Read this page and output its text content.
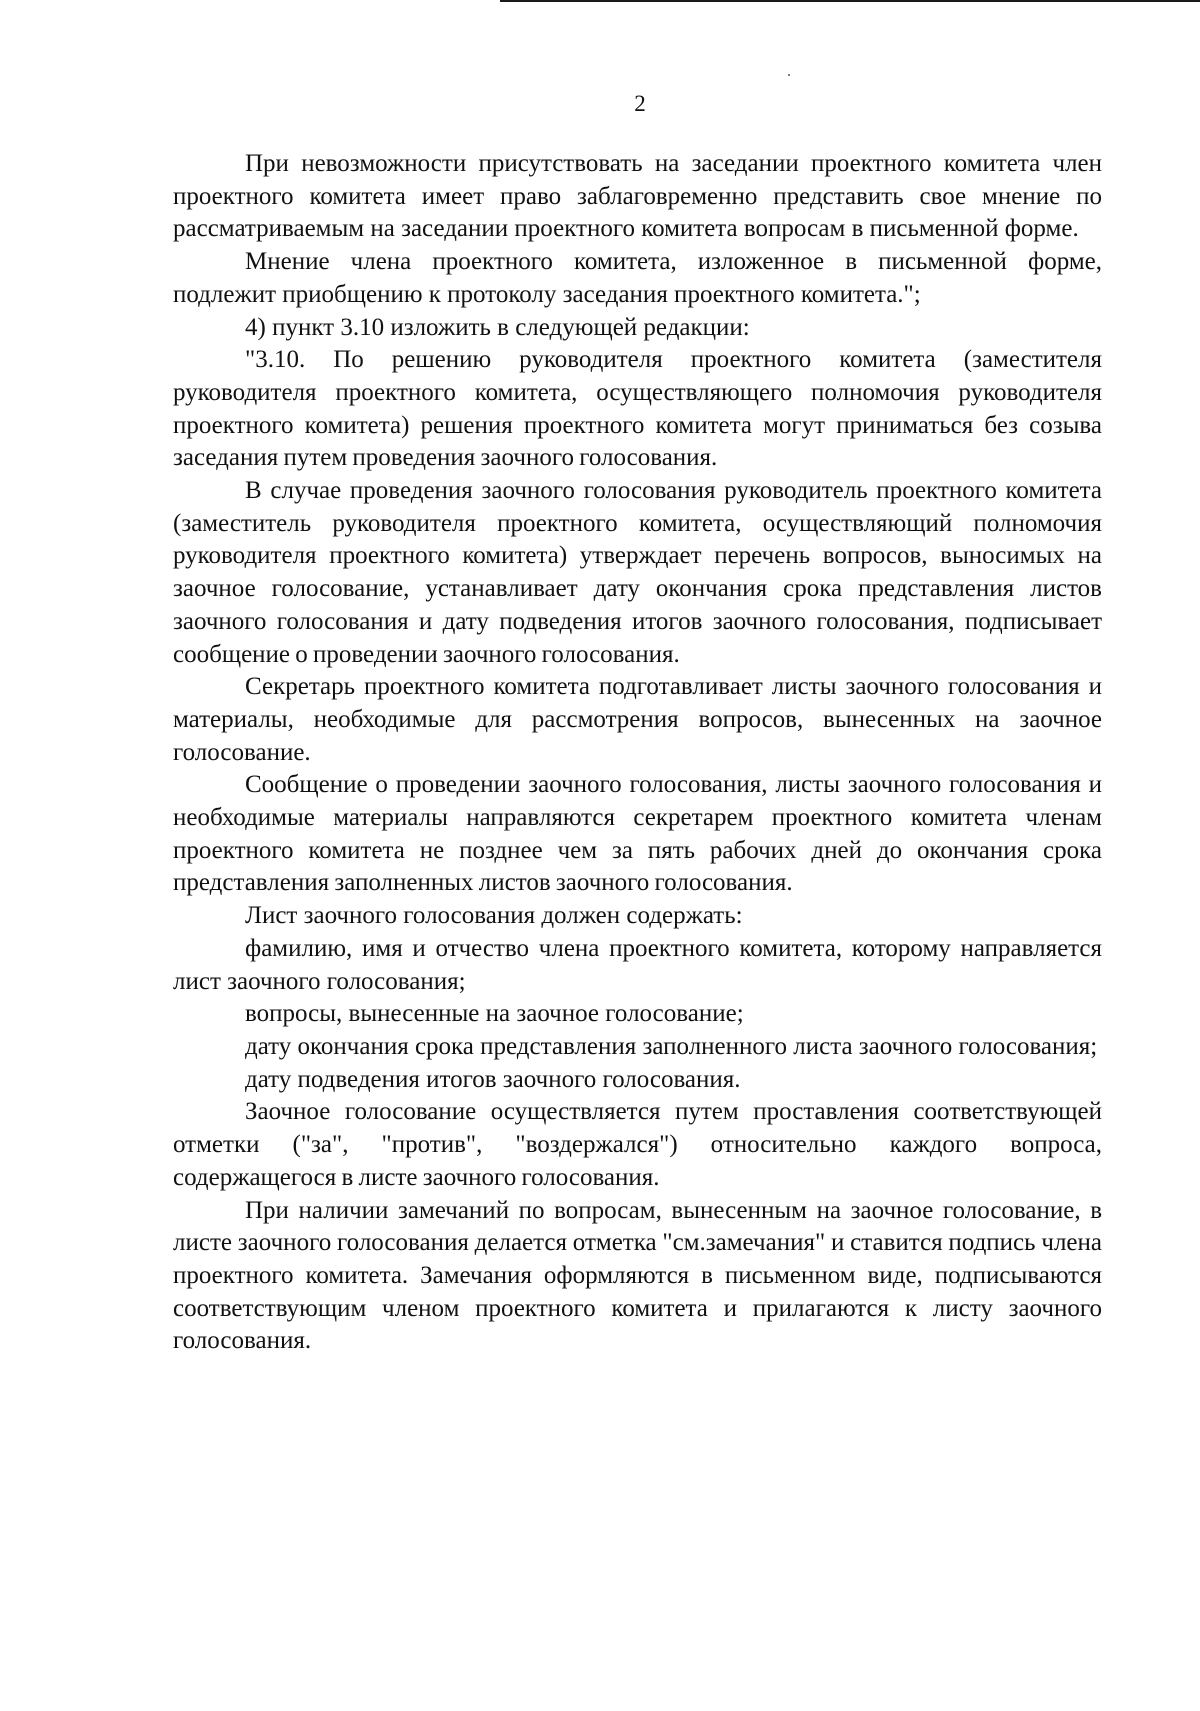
2

При невозможности присутствовать на заседании проектного комитета член проектного комитета имеет право заблаговременно представить свое мнение по рассматриваемым на заседании проектного комитета вопросам в письменной форме.

Мнение члена проектного комитета, изложенное в письменной форме, подлежит приобщению к протоколу заседания проектного комитета.";

4) пункт 3.10 изложить в следующей редакции:

"3.10. По решению руководителя проектного комитета (заместителя руководителя проектного комитета, осуществляющего полномочия руководителя проектного комитета) решения проектного комитета могут приниматься без созыва заседания путем проведения заочного голосования.

В случае проведения заочного голосования руководитель проектного комитета (заместитель руководителя проектного комитета, осуществляющий полномочия руководителя проектного комитета) утверждает перечень вопросов, выносимых на заочное голосование, устанавливает дату окончания срока представления листов заочного голосования и дату подведения итогов заочного голосования, подписывает сообщение о проведении заочного голосования.

Секретарь проектного комитета подготавливает листы заочного голосования и материалы, необходимые для рассмотрения вопросов, вынесенных на заочное голосование.

Сообщение о проведении заочного голосования, листы заочного голосования и необходимые материалы направляются секретарем проектного комитета членам проектного комитета не позднее чем за пять рабочих дней до окончания срока представления заполненных листов заочного голосования.

Лист заочного голосования должен содержать:

фамилию, имя и отчество члена проектного комитета, которому направляется лист заочного голосования;

вопросы, вынесенные на заочное голосование;

дату окончания срока представления заполненного листа заочного голосования;

дату подведения итогов заочного голосования.

Заочное голосование осуществляется путем проставления соответствующей отметки ("за", "против", "воздержался") относительно каждого вопроса, содержащегося в листе заочного голосования.

При наличии замечаний по вопросам, вынесенным на заочное голосование, в листе заочного голосования делается отметка "см.замечания" и ставится подпись члена проектного комитета. Замечания оформляются в письменном виде, подписываются соответствующим членом проектного комитета и прилагаются к листу заочного голосования.
